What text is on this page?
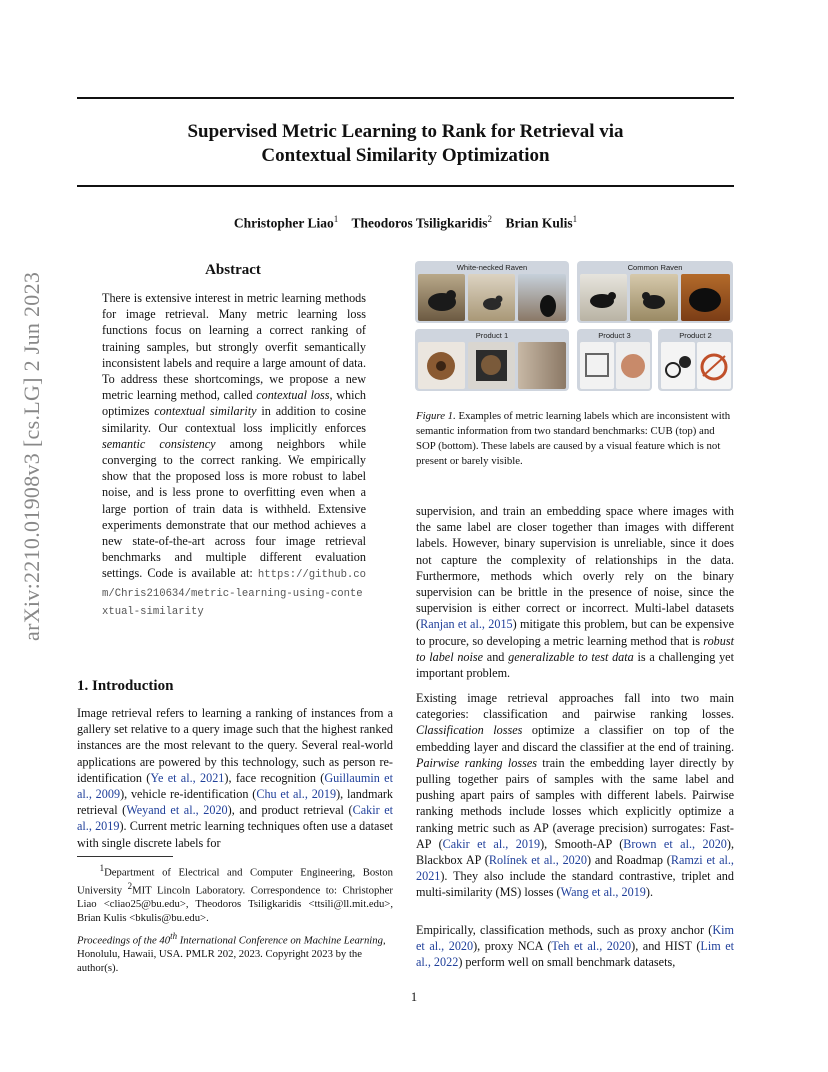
Supervised Metric Learning to Rank for Retrieval via
Contextual Similarity Optimization
Christopher Liao$^1$ Theodoros Tsiligkaridis$^2$ Brian Kulis$^1$
arXiv:2210.01908v3 [cs.LG] 2 Jun 2023
Abstract
There is extensive interest in metric learning methods for image retrieval. Many metric learning loss functions focus on learning a correct ranking of training samples, but strongly overfit semantically inconsistent labels and require a large amount of data. To address these shortcomings, we propose a new metric learning method, called contextual loss, which optimizes contextual similarity in addition to cosine similarity. Our contextual loss implicitly enforces semantic consistency among neighbors while converging to the correct ranking. We empirically show that the proposed loss is more robust to label noise, and is less prone to overfitting even when a large portion of train data is withheld. Extensive experiments demonstrate that our method achieves a new state-of-the-art across four image retrieval benchmarks and multiple different evaluation settings. Code is available at: https://github.com/Chris210634/metric-learning-using-contextual-similarity
1. Introduction
Image retrieval refers to learning a ranking of instances from a gallery set relative to a query image such that the highest ranked instances are the most relevant to the query. Several real-world applications are powered by this technology, such as person re-identification (Ye et al., 2021), face recognition (Guillaumin et al., 2009), vehicle re-identification (Chu et al., 2019), landmark retrieval (Weyand et al., 2020), and product retrieval (Cakir et al., 2019). Current metric learning techniques often use a dataset with single discrete labels for
$^1$Department of Electrical and Computer Engineering, Boston University $^2$MIT Lincoln Laboratory. Correspondence to: Christopher Liao <cliao25@bu.edu>, Theodoros Tsiligkaridis <ttsili@ll.mit.edu>, Brian Kulis <bkulis@bu.edu>.
Proceedings of the 40th International Conference on Machine Learning, Honolulu, Hawaii, USA. PMLR 202, 2023. Copyright 2023 by the author(s).
White-necked Raven	Common Raven
Product 1	Product 3	Product 2
Figure 1. Examples of metric learning labels which are inconsistent with semantic information from two standard benchmarks: CUB (top) and SOP (bottom). These labels are caused by a visual feature which is not present or barely visible.
supervision, and train an embedding space where images with the same label are closer together than images with different labels. However, binary supervision is unreliable, since it does not capture the complexity of relationships in the data. Furthermore, methods which overly rely on the binary supervision can be brittle in the presence of noise, since the supervision is either correct or incorrect. Multi-label datasets (Ranjan et al., 2015) mitigate this problem, but can be expensive to procure, so developing a metric learning method that is robust to label noise and generalizable to test data is a challenging yet important problem.
Existing image retrieval approaches fall into two main categories: classification and pairwise ranking losses. Classification losses optimize a classifier on top of the embedding layer and discard the classifier at the end of training. Pairwise ranking losses train the embedding layer directly by pulling together pairs of samples with the same label and pushing apart pairs of samples with different labels. Pairwise ranking methods include losses which explicitly optimize a ranking metric such as AP (average precision) surrogates: Fast-AP (Cakir et al., 2019), Smooth-AP (Brown et al., 2020), Blackbox AP (Rolínek et al., 2020) and Roadmap (Ramzi et al., 2021). They also include the standard contrastive, triplet and multi-similarity (MS) losses (Wang et al., 2019).
Empirically, classification methods, such as proxy anchor (Kim et al., 2020), proxy NCA (Teh et al., 2020), and HIST (Lim et al., 2022) perform well on small benchmark datasets,
1
